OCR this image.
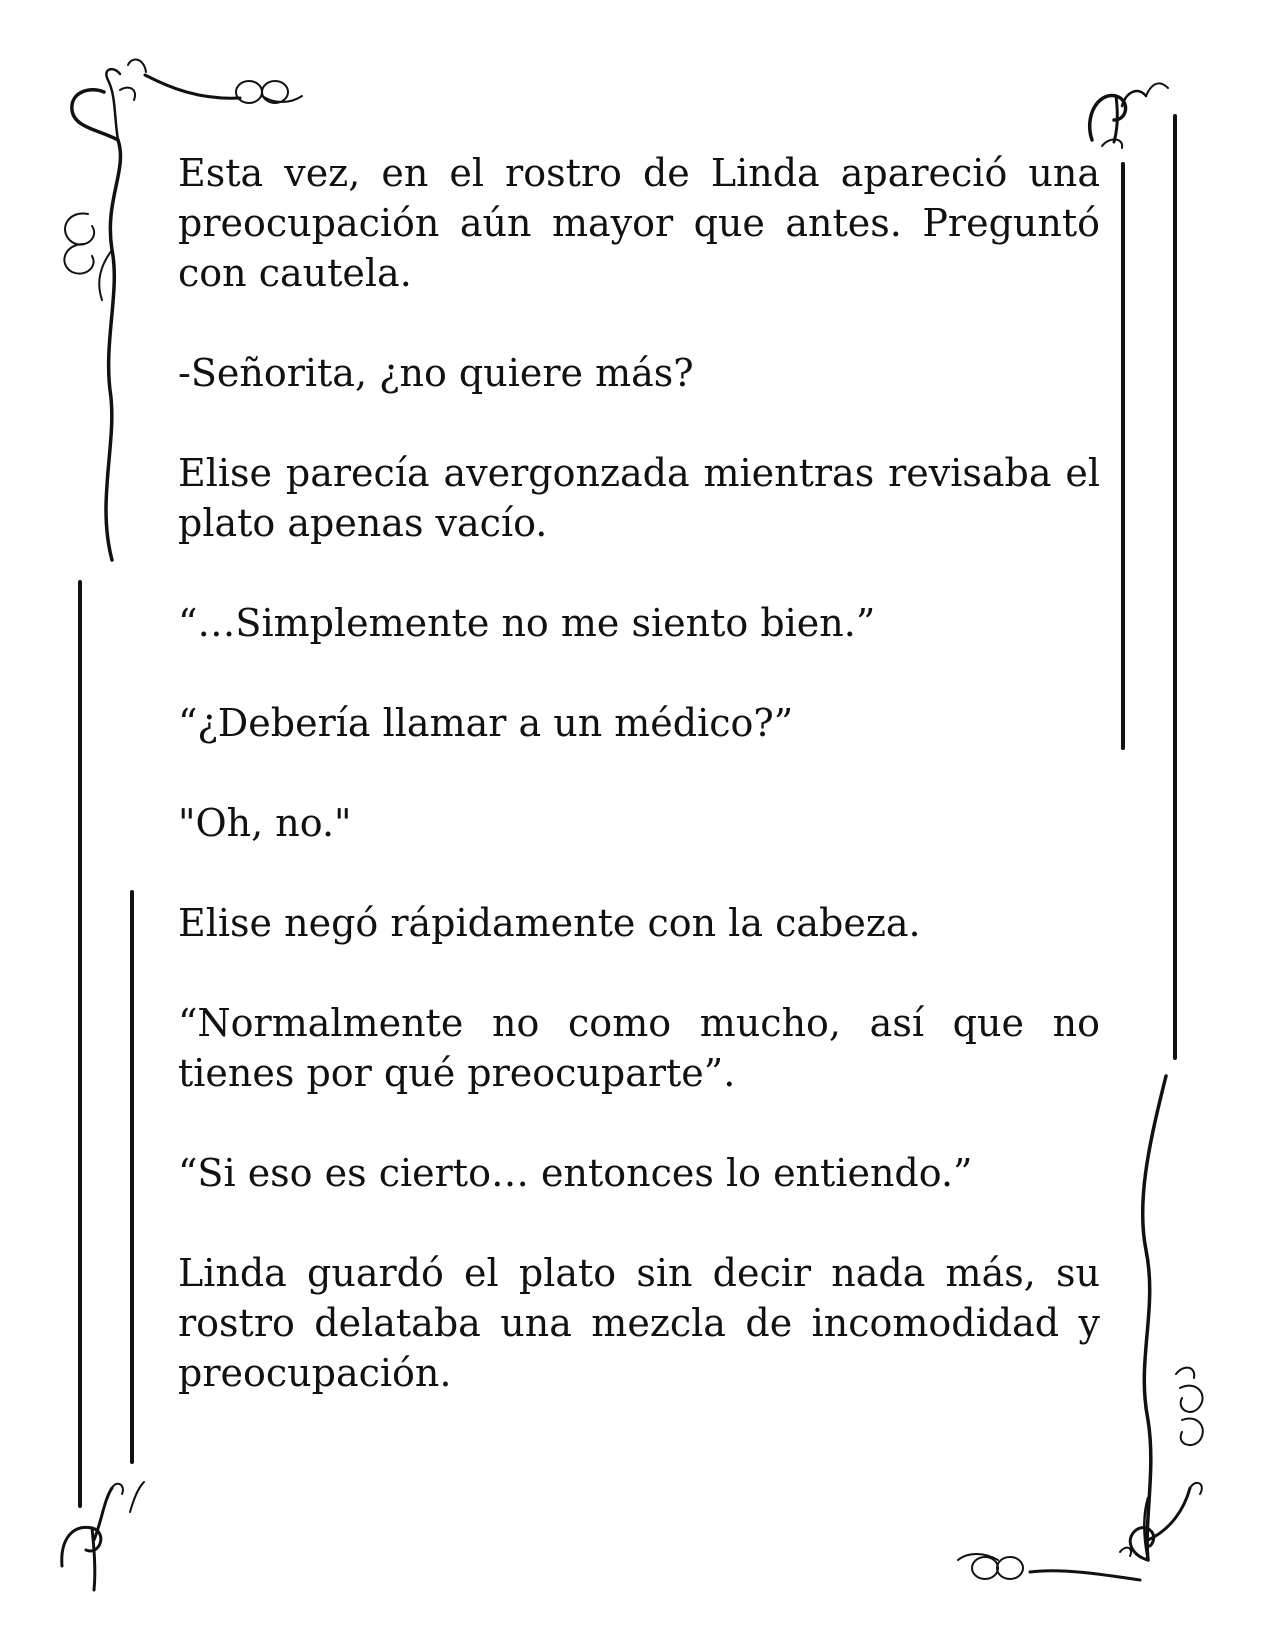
Esta vez, en el rostro de Linda apareció una preocupación aún mayor que antes. Preguntó con cautela.

-Señorita, ¿no quiere más?

Elise parecía avergonzada mientras revisaba el plato apenas vacío.

“…Simplemente no me siento bien.”

“¿Debería llamar a un médico?”

"Oh, no."

Elise negó rápidamente con la cabeza.

“Normalmente no como mucho, así que no tienes por qué preocuparte”.

“Si eso es cierto… entonces lo entiendo.”

Linda guardó el plato sin decir nada más, su rostro delataba una mezcla de incomodidad y preocupación.
